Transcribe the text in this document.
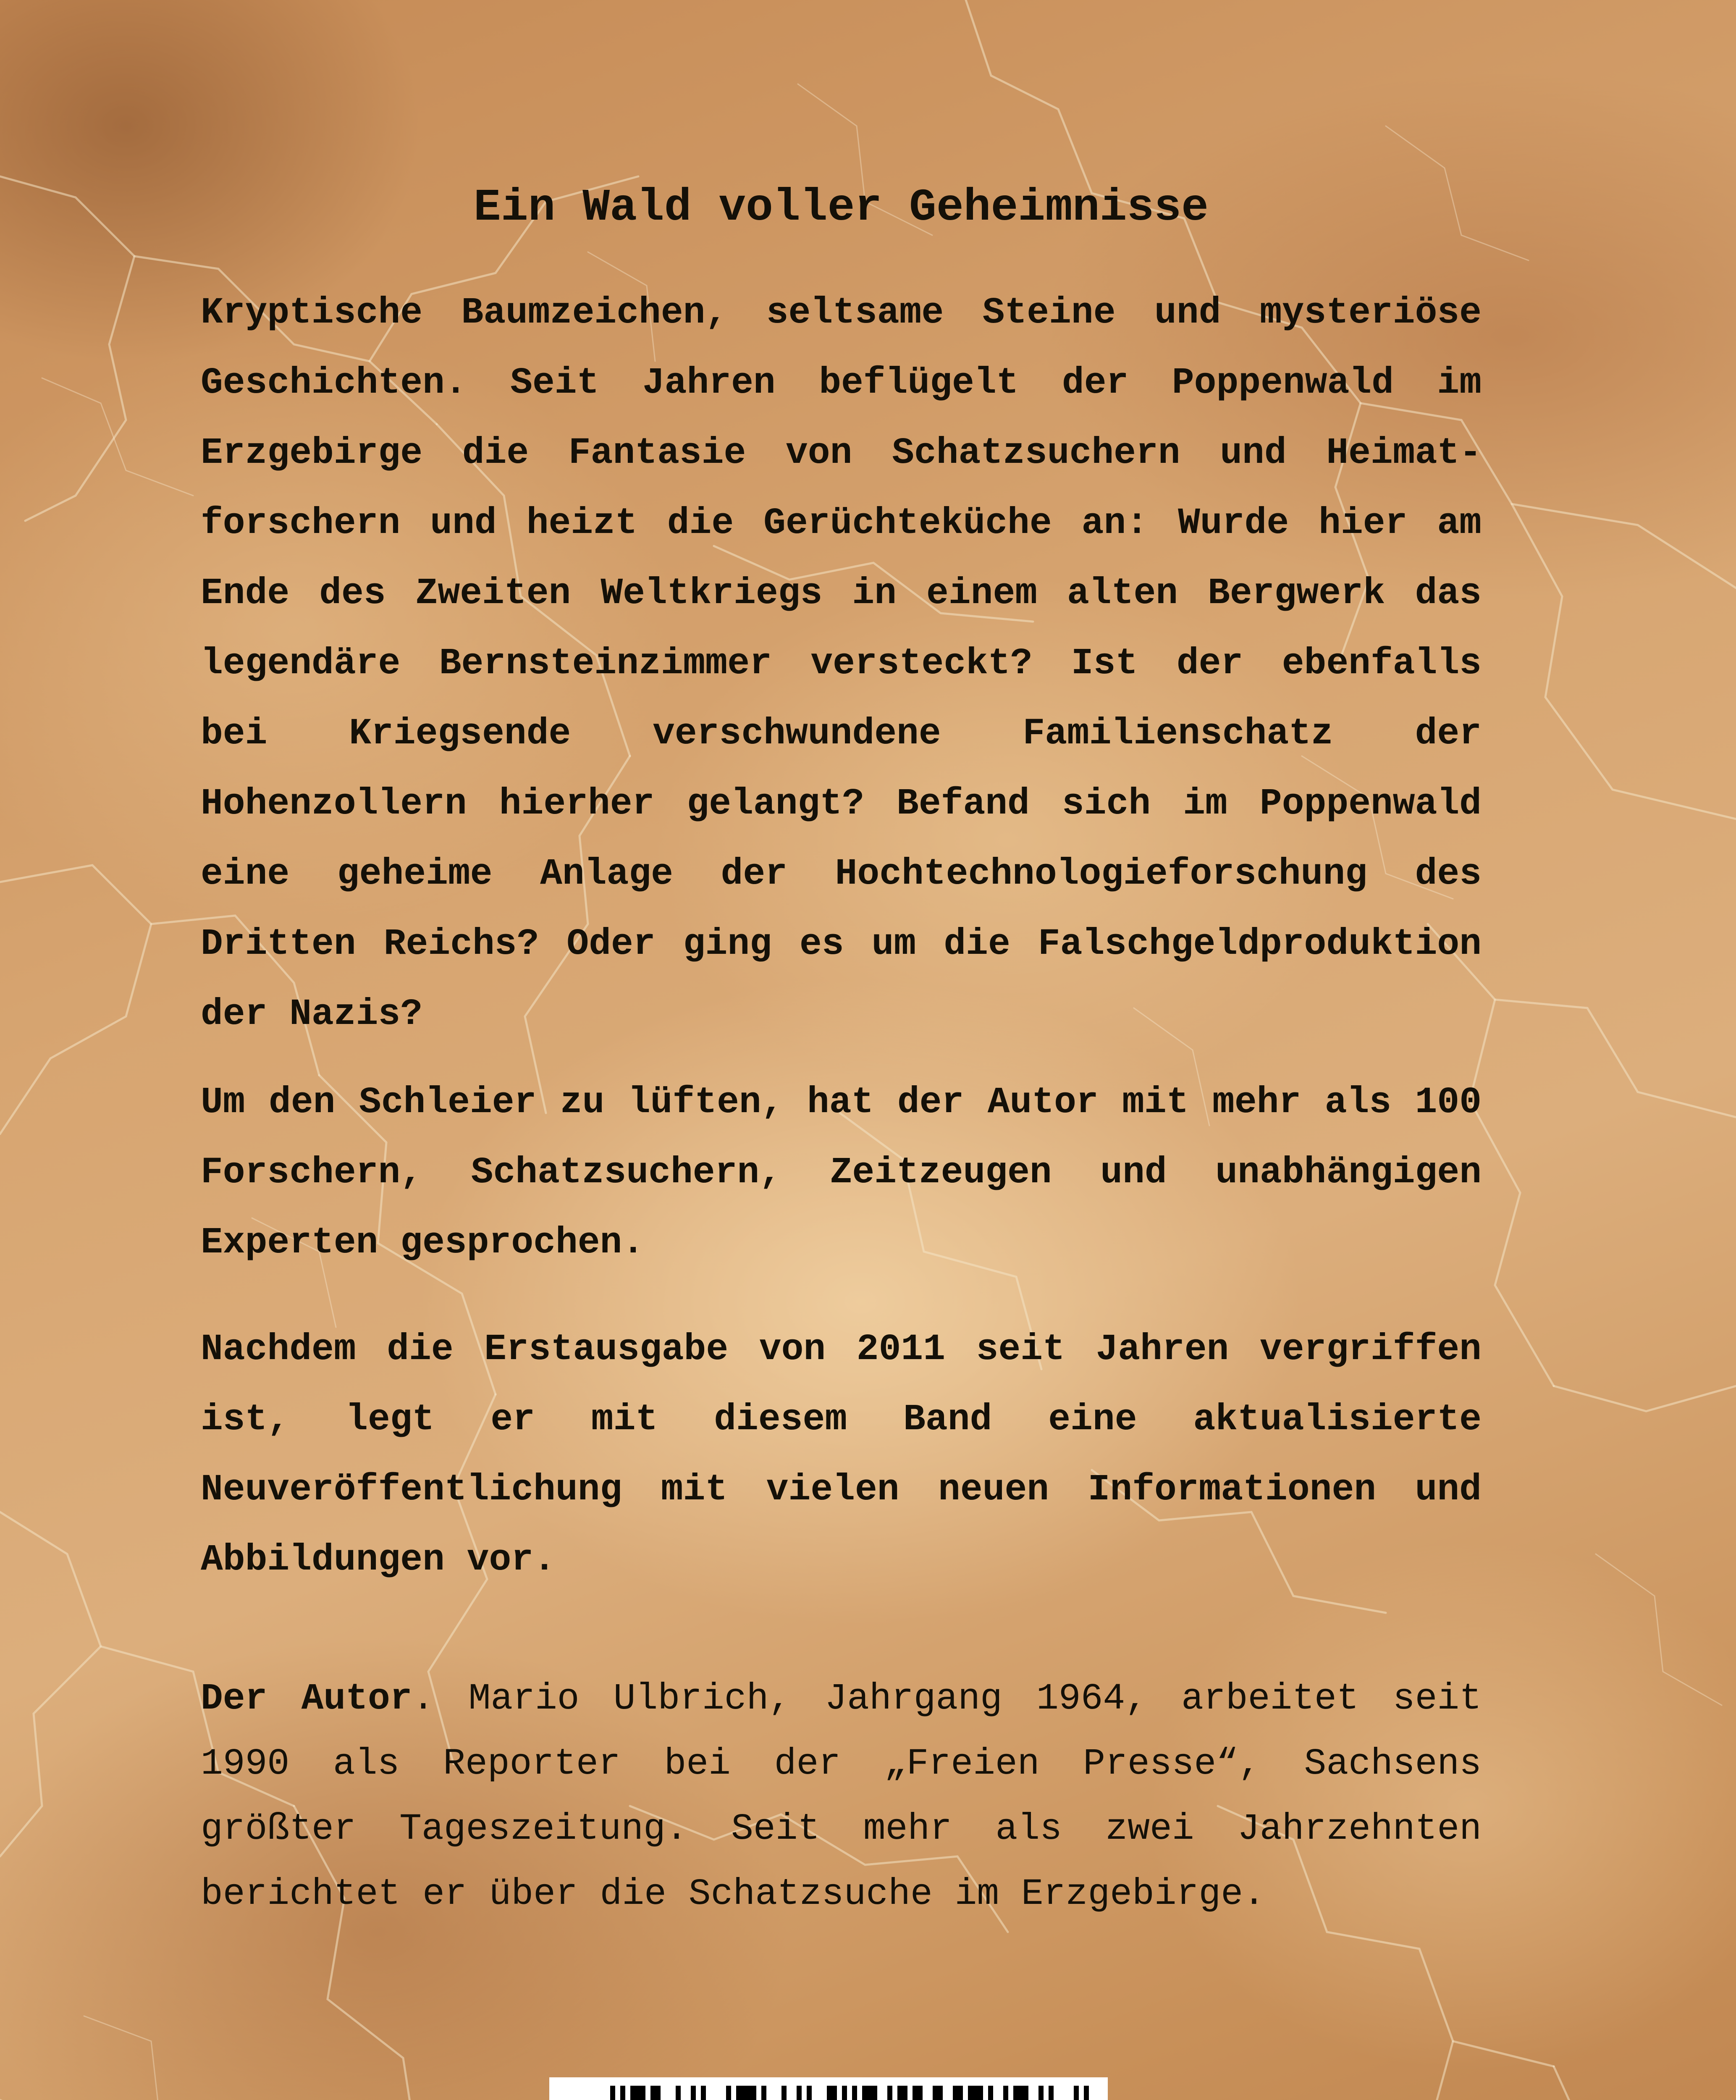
Ein Wald voller Geheimnisse

Kryptische Baumzeichen, seltsame Steine und mysteriöse Geschichten. Seit Jahren beflügelt der Poppenwald im Erzgebirge die Fantasie von Schatzsuchern und Heimat-forschern und heizt die Gerüchteküche an: Wurde hier am Ende des Zweiten Weltkriegs in einem alten Bergwerk das legendäre Bernsteinzimmer versteckt? Ist der ebenfalls bei Kriegsende verschwundene Familienschatz der Hohenzollern hierher gelangt? Befand sich im Poppenwald eine geheime Anlage der Hochtechnologieforschung des Dritten Reichs? Oder ging es um die Falschgeldproduktion der Nazis?

Um den Schleier zu lüften, hat der Autor mit mehr als 100 Forschern, Schatzsuchern, Zeitzeugen und unabhängigen Experten gesprochen.

Nachdem die Erstausgabe von 2011 seit Jahren vergriffen ist, legt er mit diesem Band eine aktualisierte Neuveröffentlichung mit vielen neuen Informationen und Abbildungen vor.

Der Autor. Mario Ulbrich, Jahrgang 1964, arbeitet seit 1990 als Reporter bei der „Freien Presse“, Sachsens größter Tageszeitung. Seit mehr als zwei Jahrzehnten berichtet er über die Schatzsuche im Erzgebirge.
